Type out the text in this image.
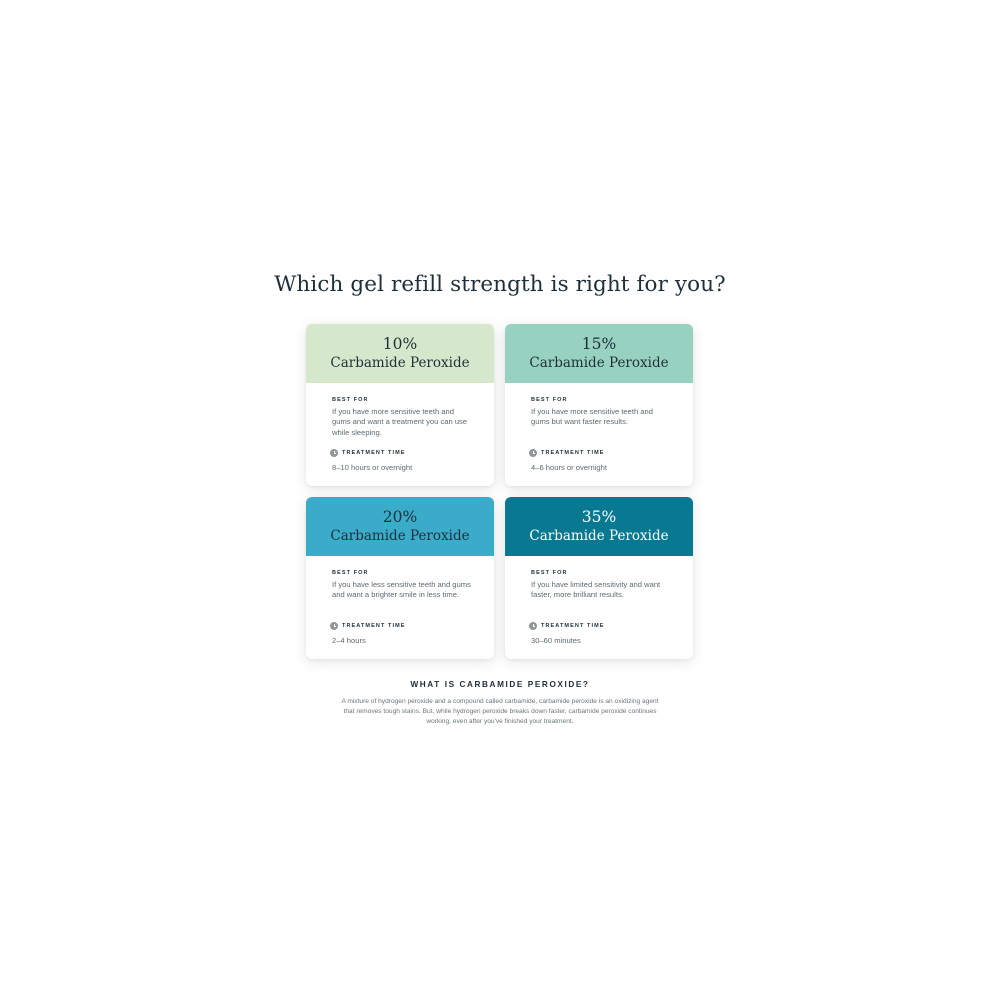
Which gel refill strength is right for you?
10%
Carbamide Peroxide
BEST FOR
If you have more sensitive teeth and gums and want a treatment you can use while sleeping.
TREATMENT TIME
8–10 hours or overnight
15%
Carbamide Peroxide
BEST FOR
If you have more sensitive teeth and gums but want faster results.
TREATMENT TIME
4–6 hours or overnight
20%
Carbamide Peroxide
BEST FOR
If you have less sensitive teeth and gums and want a brighter smile in less time.
TREATMENT TIME
2–4 hours
35%
Carbamide Peroxide
BEST FOR
If you have limited sensitivity and want faster, more brilliant results.
TREATMENT TIME
30–60 minutes
WHAT IS CARBAMIDE PEROXIDE?
A mixture of hydrogen peroxide and a compound called carbamide, carbamide peroxide is an oxidizing agent that removes tough stains. But, while hydrogen peroxide breaks down faster, carbamide peroxide continues working, even after you've finished your treatment.
